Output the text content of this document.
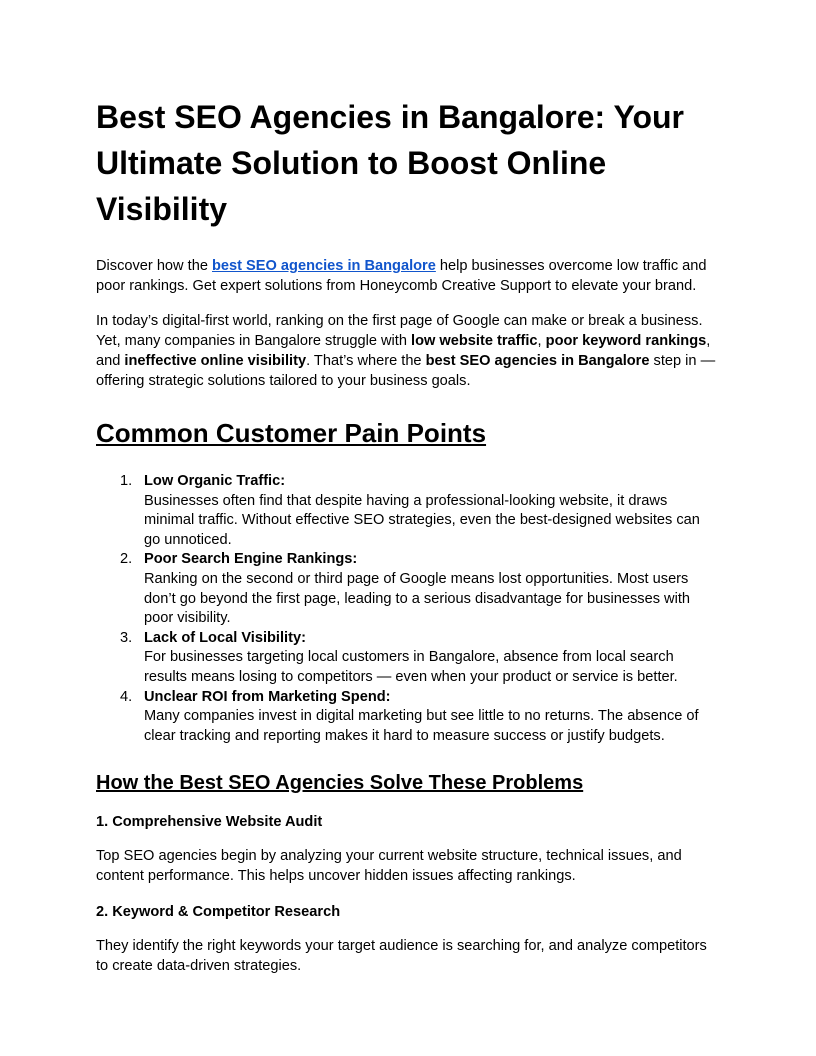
Best SEO Agencies in Bangalore: Your Ultimate Solution to Boost Online Visibility

Discover how the best SEO agencies in Bangalore help businesses overcome low traffic and poor rankings. Get expert solutions from Honeycomb Creative Support to elevate your brand.

In today’s digital-first world, ranking on the first page of Google can make or break a business. Yet, many companies in Bangalore struggle with low website traffic, poor keyword rankings, and ineffective online visibility. That’s where the best SEO agencies in Bangalore step in — offering strategic solutions tailored to your business goals.

Common Customer Pain Points
1. Low Organic Traffic:
Businesses often find that despite having a professional-looking website, it draws minimal traffic. Without effective SEO strategies, even the best-designed websites can go unnoticed.
2. Poor Search Engine Rankings:
Ranking on the second or third page of Google means lost opportunities. Most users don’t go beyond the first page, leading to a serious disadvantage for businesses with poor visibility.
3. Lack of Local Visibility:
For businesses targeting local customers in Bangalore, absence from local search results means losing to competitors — even when your product or service is better.
4. Unclear ROI from Marketing Spend:
Many companies invest in digital marketing but see little to no returns. The absence of clear tracking and reporting makes it hard to measure success or justify budgets.
How the Best SEO Agencies Solve These Problems
1. Comprehensive Website Audit

Top SEO agencies begin by analyzing your current website structure, technical issues, and content performance. This helps uncover hidden issues affecting rankings.

2. Keyword & Competitor Research

They identify the right keywords your target audience is searching for, and analyze competitors to create data-driven strategies.
